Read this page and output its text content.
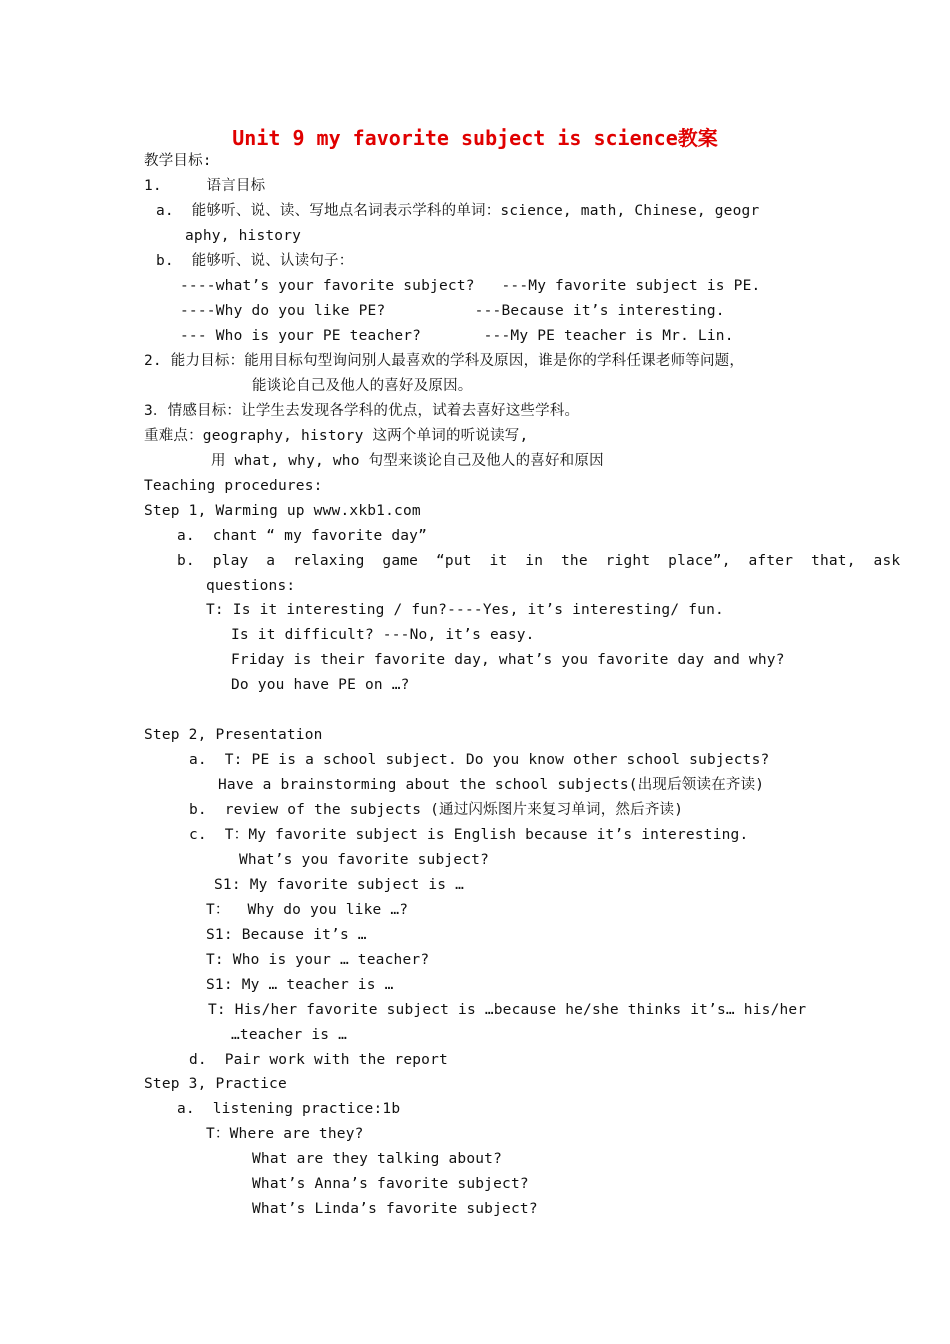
Unit 9 my favorite subject is science教案
教学目标:
1.     语言目标
a.  能够听、说、读、写地点名词表示学科的单词：science, math, Chinese, geogr
aphy, history
b.  能够听、说、认读句子：
----what’s your favorite subject?   ---My favorite subject is PE.
----Why do you like PE?          ---Because it’s interesting.
--- Who is your PE teacher?       ---My PE teacher is Mr. Lin.
2. 能力目标：能用目标句型询问别人最喜欢的学科及原因，谁是你的学科任课老师等问题，
能谈论自己及他人的喜好及原因。
3．情感目标：让学生去发现各学科的优点，试着去喜好这些学科。
重难点：geography, history 这两个单词的听说读写,
用 what, why, who 句型来谈论自己及他人的喜好和原因
Teaching procedures:
Step 1, Warming up www.xkb1.com
a.  chant “ my favorite day”
b.  play  a  relaxing  game  “put  it  in  the  right  place”,  after  that,  ask
questions:
T: Is it interesting / fun?----Yes, it’s interesting/ fun.
Is it difficult? ---No, it’s easy.
Friday is their favorite day, what’s you favorite day and why?
Do you have PE on …?
Step 2, Presentation
a.  T: PE is a school subject. Do you know other school subjects?
Have a brainstorming about the school subjects(出现后领读在齐读)
b.  review of the subjects (通过闪烁图片来复习单词，然后齐读)
c.  T：My favorite subject is English because it’s interesting.
What’s you favorite subject?
S1: My favorite subject is …
T：  Why do you like …?
S1: Because it’s …
T: Who is your … teacher?
S1: My … teacher is …
T: His/her favorite subject is …because he/she thinks it’s… his/her
…teacher is …
d.  Pair work with the report
Step 3, Practice
a.  listening practice:1b
T：Where are they?
What are they talking about?
What’s Anna’s favorite subject?
What’s Linda’s favorite subject?
